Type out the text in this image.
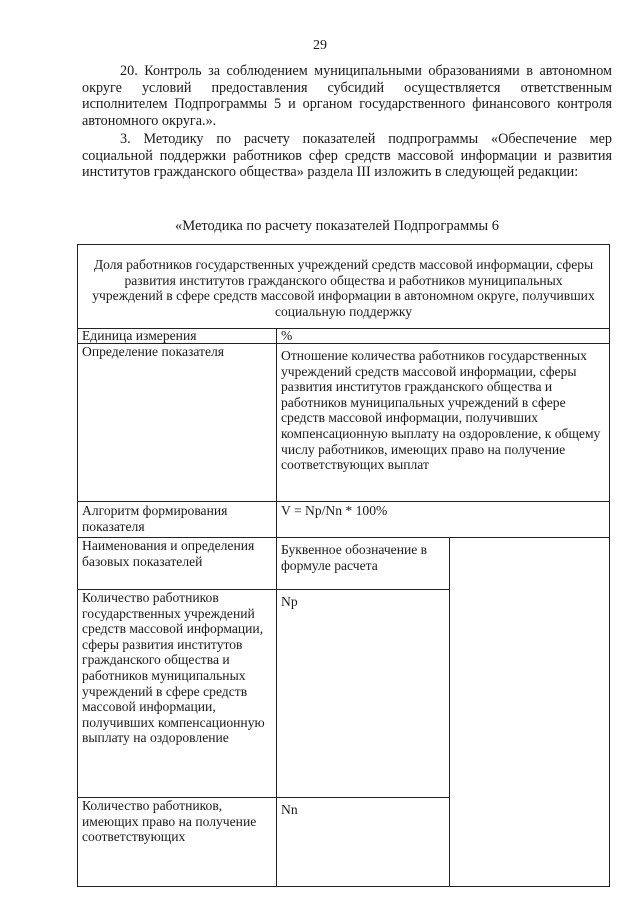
29

20. Контроль за соблюдением муниципальными образованиями в автономном округе условий предоставления субсидий осуществляется ответственным исполнителем Подпрограммы 5 и органом государственного финансового контроля автономного округа.».

3. Методику по расчету показателей подпрограммы «Обеспечение мер социальной поддержки работников сфер средств массовой информации и развития институтов гражданского общества» раздела III изложить в следующей редакции:

«Методика по расчету показателей Подпрограммы 6
Доля работников государственных учреждений средств массовой информации, сферы развития институтов гражданского общества и работников муниципальных учреждений в сфере средств массовой информации в автономном округе, получивших социальную поддержку
Единица измерения	%
Определение показателя	Отношение количества работников государственных учреждений средств массовой информации, сферы развития институтов гражданского общества и работников муниципальных учреждений в сфере средств массовой информации, получивших компенсационную выплату на оздоровление, к общему числу работников, имеющих право на получение соответствующих выплат
Алгоритм формирования показателя
V = Np/Nn * 100%
Наименования и определения базовых показателей
Буквенное обозначение в формуле расчета
Количество работников государственных учреждений средств массовой информации, сферы развития институтов гражданского общества и работников муниципальных учреждений в сфере средств массовой информации, получивших компенсационную выплату на оздоровление
Np
Количество работников, имеющих право на получение соответствующих
Nn
